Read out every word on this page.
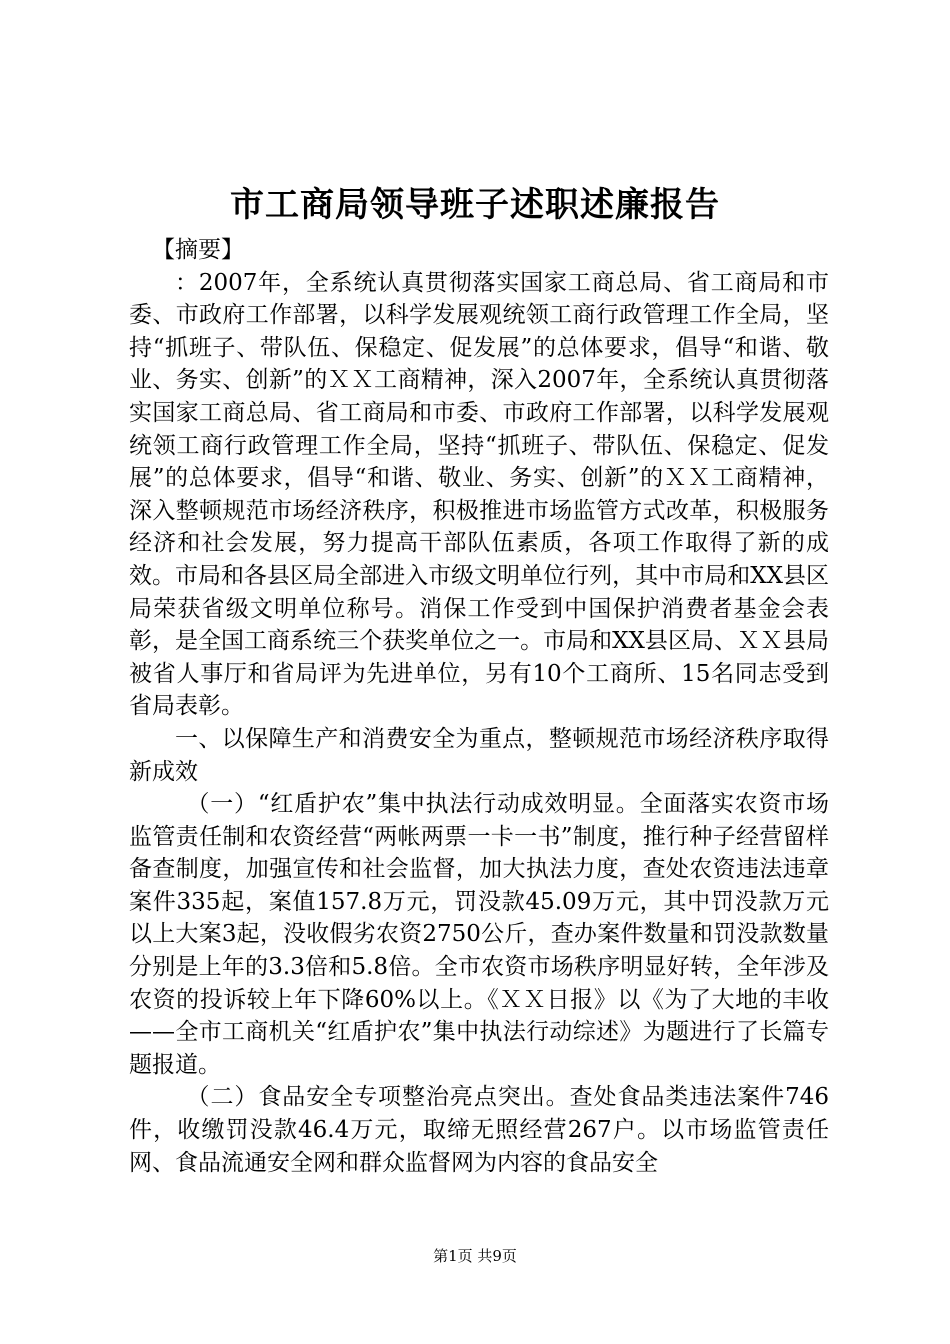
市工商局领导班子述职述廉报告

【摘要】

：2007年，全系统认真贯彻落实国家工商总局、省工商局和市委、市政府工作部署，以科学发展观统领工商行政管理工作全局，坚持“抓班子、带队伍、保稳定、促发展”的总体要求，倡导“和谐、敬业、务实、创新”的ＸＸ工商精神，深入2007年，全系统认真贯彻落实国家工商总局、省工商局和市委、市政府工作部署，以科学发展观统领工商行政管理工作全局，坚持“抓班子、带队伍、保稳定、促发展”的总体要求，倡导“和谐、敬业、务实、创新”的ＸＸ工商精神，深入整顿规范市场经济秩序，积极推进市场监管方式改革，积极服务经济和社会发展，努力提高干部队伍素质，各项工作取得了新的成效。市局和各县区局全部进入市级文明单位行列，其中市局和XX县区局荣获省级文明单位称号。消保工作受到中国保护消费者基金会表彰，是全国工商系统三个获奖单位之一。市局和XX县区局、ＸＸ县局被省人事厅和省局评为先进单位，另有10个工商所、15名同志受到省局表彰。

一、以保障生产和消费安全为重点，整顿规范市场经济秩序取得新成效

（一）“红盾护农”集中执法行动成效明显。全面落实农资市场监管责任制和农资经营“两帐两票一卡一书”制度，推行种子经营留样备查制度，加强宣传和社会监督，加大执法力度，查处农资违法违章案件335起，案值157.8万元，罚没款45.09万元，其中罚没款万元以上大案3起，没收假劣农资2750公斤，查办案件数量和罚没款数量分别是上年的3.3倍和5.8倍。全市农资市场秩序明显好转，全年涉及农资的投诉较上年下降60%以上。《ＸＸ日报》以《为了大地的丰收——全市工商机关“红盾护农”集中执法行动综述》为题进行了长篇专题报道。

（二）食品安全专项整治亮点突出。查处食品类违法案件746件，收缴罚没款46.4万元，取缔无照经营267户。以市场监管责任网、食品流通安全网和群众监督网为内容的食品安全

第1页 共9页
